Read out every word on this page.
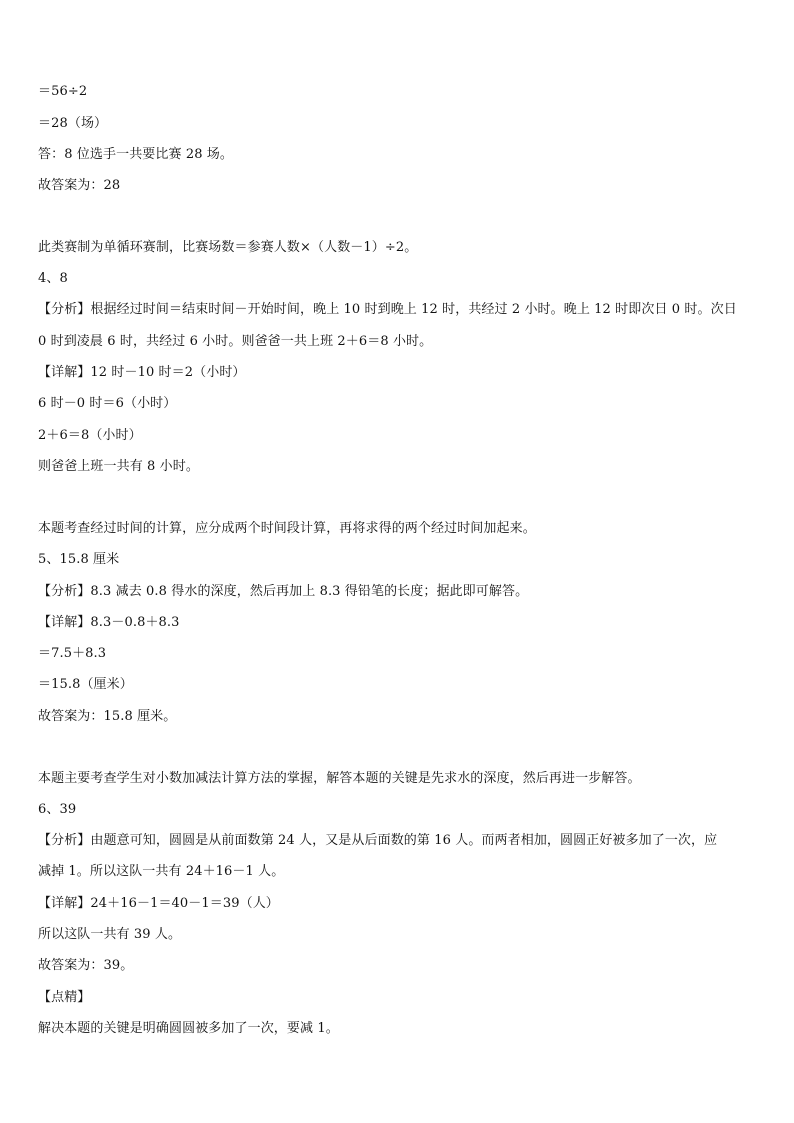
＝56÷2
＝28（场）
答：8 位选手一共要比赛 28 场。
故答案为：28
此类赛制为单循环赛制，比赛场数＝参赛人数×（人数－1）÷2。
4、8
【分析】根据经过时间＝结束时间－开始时间，晚上 10 时到晚上 12 时，共经过 2 小时。晚上 12 时即次日 0 时。次日
0 时到凌晨 6 时，共经过 6 小时。则爸爸一共上班 2＋6＝8 小时。
【详解】12 时－10 时＝2（小时）
6 时－0 时＝6（小时）
2＋6＝8（小时）
则爸爸上班一共有 8 小时。
本题考查经过时间的计算，应分成两个时间段计算，再将求得的两个经过时间加起来。
5、15.8 厘米
【分析】8.3 减去 0.8 得水的深度，然后再加上 8.3 得铅笔的长度；据此即可解答。
【详解】8.3－0.8＋8.3
＝7.5＋8.3
＝15.8（厘米）
故答案为：15.8 厘米。
本题主要考查学生对小数加减法计算方法的掌握，解答本题的关键是先求水的深度，然后再进一步解答。
6、39
【分析】由题意可知，圆圆是从前面数第 24 人，又是从后面数的第 16 人。而两者相加，圆圆正好被多加了一次，应
减掉 1。所以这队一共有 24＋16－1 人。
【详解】24＋16－1＝40－1＝39（人）
所以这队一共有 39 人。
故答案为：39。
【点精】
解决本题的关键是明确圆圆被多加了一次，要减 1。
